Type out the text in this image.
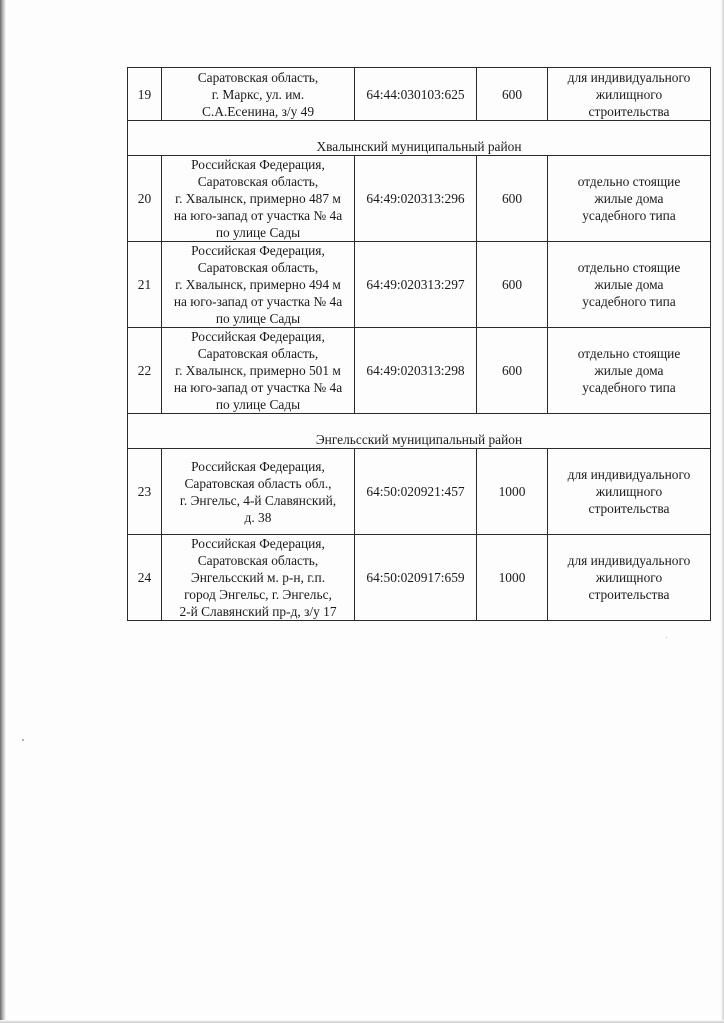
19	Саратовская область,
г. Маркс, ул. им.
С.А.Есенина, з/у 49	64:44:030103:625	600	для индивидуального
жилищного
строительства

Хвалынский муниципальный район				
20	Российская Федерация,
Саратовская область,
г. Хвалынск, примерно 487 м
на юго-запад от участка № 4а
по улице Сады	64:49:020313:296	600	отдельно стоящие
жилые дома
усадебного типа

21	Российская Федерация,
Саратовская область,
г. Хвалынск, примерно 494 м
на юго-запад от участка № 4а
по улице Сады	64:49:020313:297	600	отдельно стоящие
жилые дома
усадебного типа

22	Российская Федерация,
Саратовская область,
г. Хвалынск, примерно 501 м
на юго-запад от участка № 4а
по улице Сады	64:49:020313:298	600	отдельно стоящие
жилые дома
усадебного типа

Энгельсский муниципальный район				
23	Российская Федерация,
Саратовская область обл.,
г. Энгельс, 4-й Славянский,
д. 38	64:50:020921:457	1000	для индивидуального
жилищного
строительства

24	Российская Федерация,
Саратовская область,
Энгельсский м. р-н, г.п.
город Энгельс, г. Энгельс,
2-й Славянский пр-д, з/у 17	64:50:020917:659	1000	для индивидуального
жилищного
строительства
